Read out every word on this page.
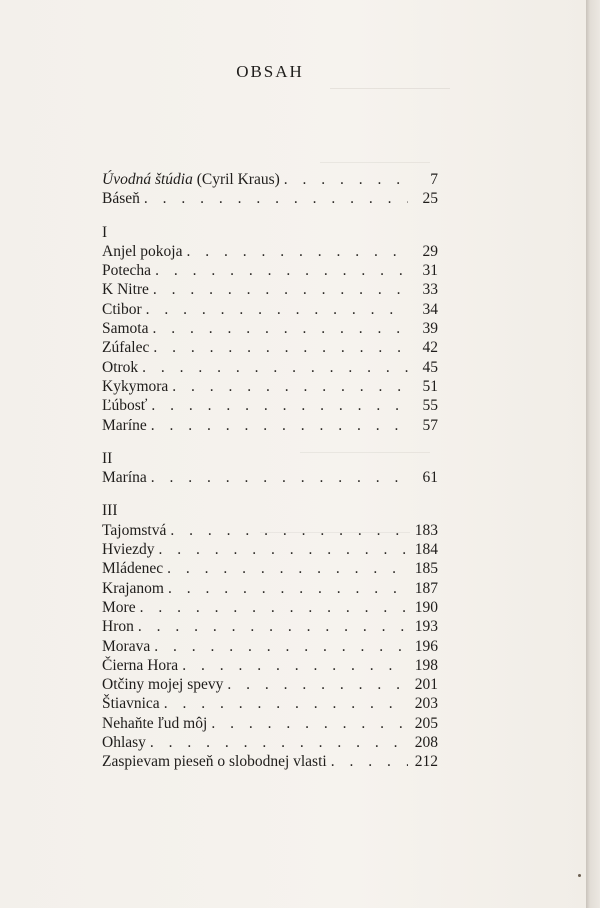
OBSAH
Úvodná štúdia (Cyril Kraus) . . .	7
Báseň . . .	25
I
Anjel pokoja . . .	29
Potecha . . .	31
K Nitre . . .	33
Ctibor . . .	34
Samota . . .	39
Zúfalec . . .	42
Otrok . . .	45
Kykymora . . .	51
Ľúbosť . . .	55
Maríne . . .	57
II
Marína . . .	61
III
Tajomstvá . . .	183
Hviezdy . . .	184
Mládenec . . .	185
Krajanom . . .	187
More . . .	190
Hron . . .	193
Morava . . .	196
Čierna Hora . . .	198
Otčiny mojej spevy . . .	201
Štiavnica . . .	203
Nehaňte ľud môj . . .	205
Ohlasy . . .	208
Zaspievam pieseň o slobodnej vlasti . . .	212
